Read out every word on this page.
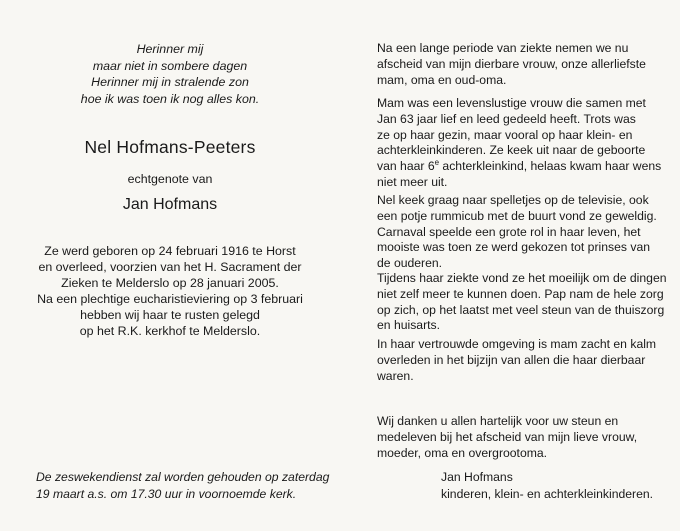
Herinner mij
maar niet in sombere dagen
Herinner mij in stralende zon
hoe ik was toen ik nog alles kon.
Nel Hofmans-Peeters
echtgenote van
Jan Hofmans
Ze werd geboren op 24 februari 1916 te Horst
en overleed, voorzien van het H. Sacrament der
Zieken te Melderslo op 28 januari 2005.
Na een plechtige eucharistieviering op 3 februari
hebben wij haar te rusten gelegd
op het R.K. kerkhof te Melderslo.
De zeswekendienst zal worden gehouden op zaterdag
19 maart a.s. om 17.30 uur in voornoemde kerk.
Na een lange periode van ziekte nemen we nu
afscheid van mijn dierbare vrouw, onze allerliefste
mam, oma en oud-oma.
Mam was een levenslustige vrouw die samen met
Jan 63 jaar lief en leed gedeeld heeft. Trots was
ze op haar gezin, maar vooral op haar klein- en
achterkleinkinderen. Ze keek uit naar de geboorte
van haar 6e achterkleinkind, helaas kwam haar wens
niet meer uit.
Nel keek graag naar spelletjes op de televisie, ook
een potje rummicub met de buurt vond ze geweldig.
Carnaval speelde een grote rol in haar leven, het
mooiste was toen ze werd gekozen tot prinses van
de ouderen.
Tijdens haar ziekte vond ze het moeilijk om de dingen
niet zelf meer te kunnen doen. Pap nam de hele zorg
op zich, op het laatst met veel steun van de thuiszorg
en huisarts.
In haar vertrouwde omgeving is mam zacht en kalm
overleden in het bijzijn van allen die haar dierbaar
waren.
Wij danken u allen hartelijk voor uw steun en
medeleven bij het afscheid van mijn lieve vrouw,
moeder, oma en overgrootoma.
Jan Hofmans
kinderen, klein- en achterkleinkinderen.
